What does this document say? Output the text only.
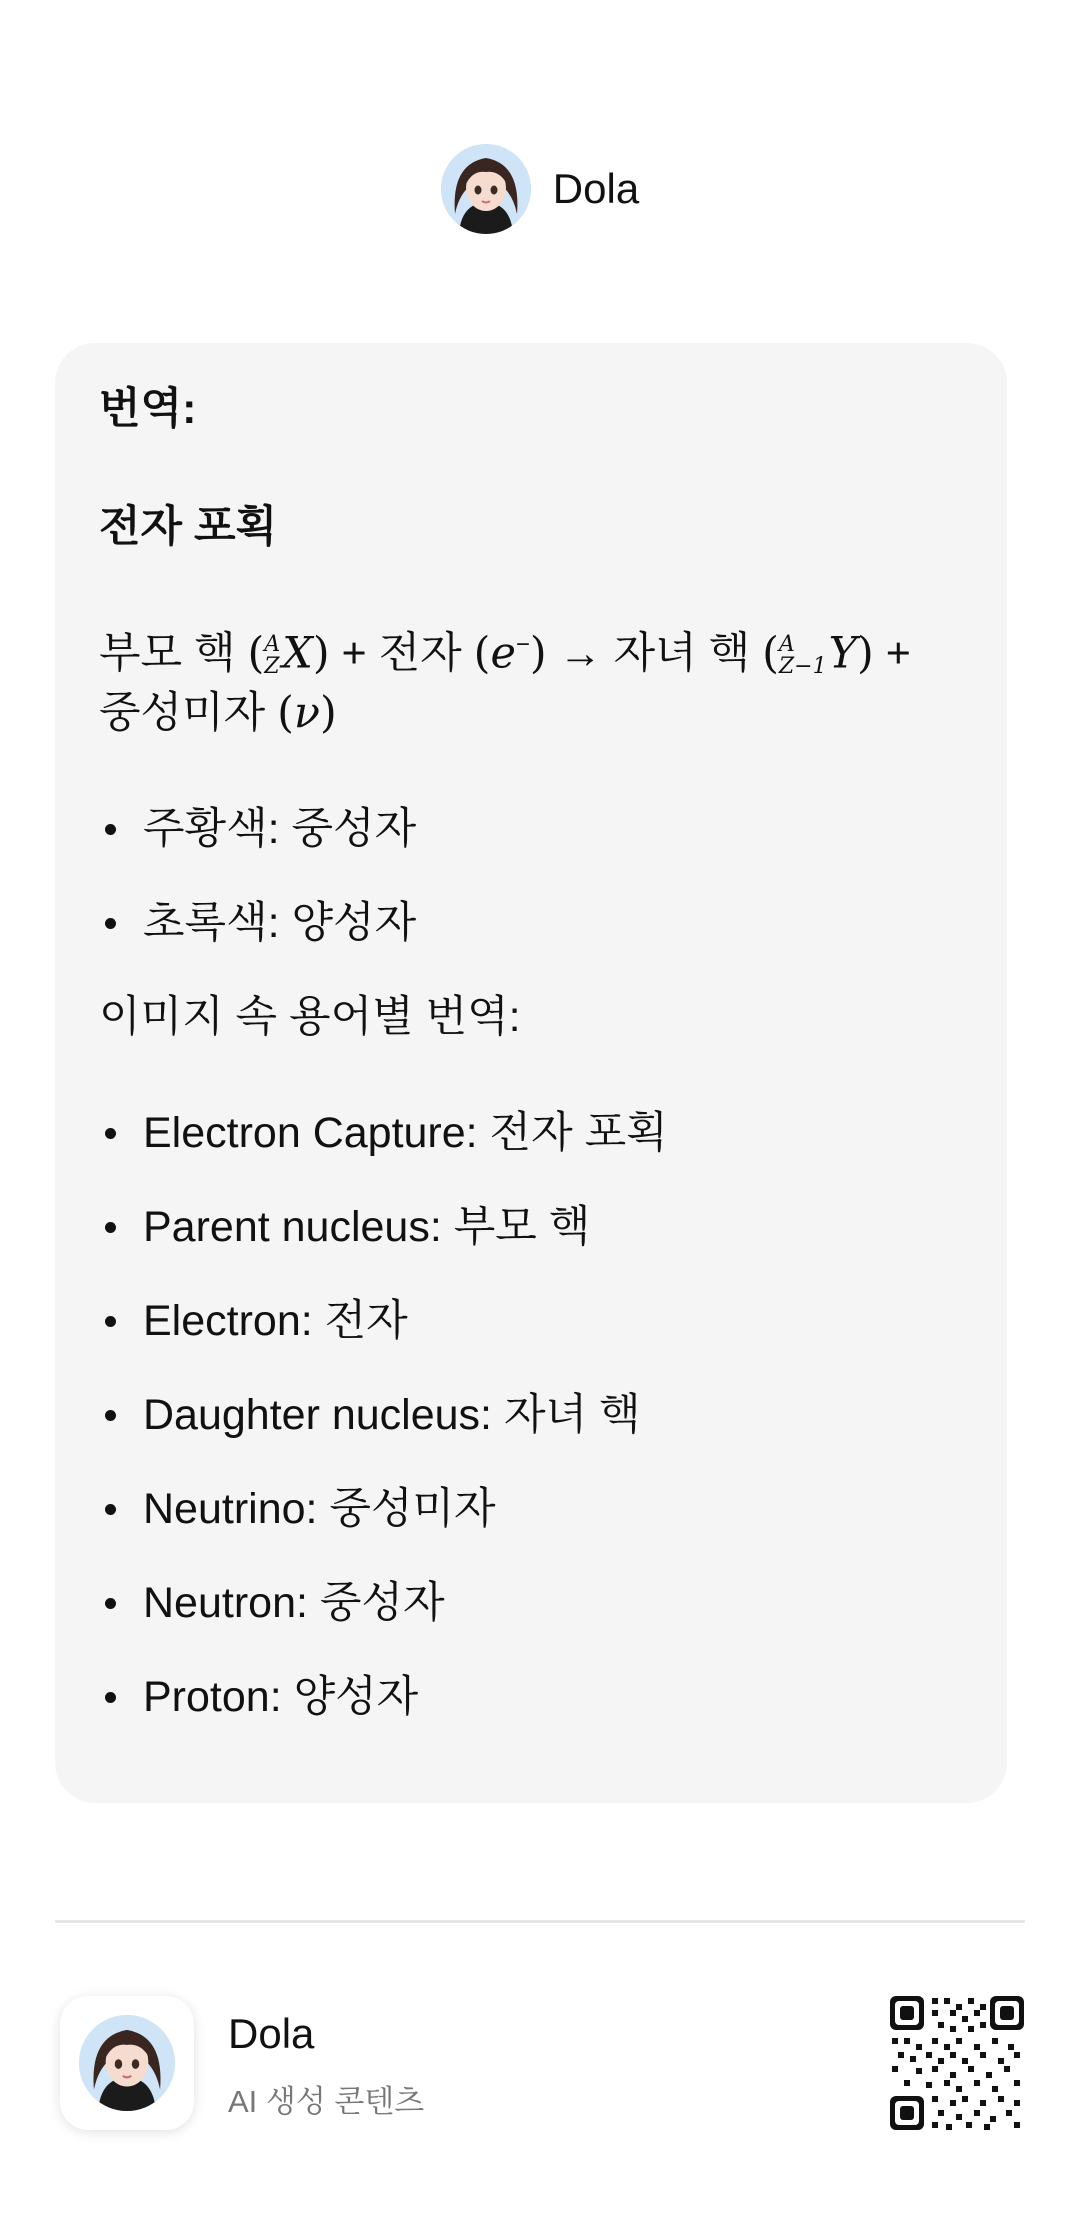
Dola

번역:

전자 포획

부모 핵 ( A
Z X) + 전자 (e−) → 자녀 핵 ( A
Z−1 Y) +
중성미자 (ν)

주황색: 중성자
초록색: 양성자

이미지 속 용어별 번역:

Electron Capture: 전자 포획
Parent nucleus: 부모 핵
Electron: 전자
Daughter nucleus: 자녀 핵
Neutrino: 중성미자
Neutron: 중성자
Proton: 양성자
Dola
AI 생성 콘텐츠
